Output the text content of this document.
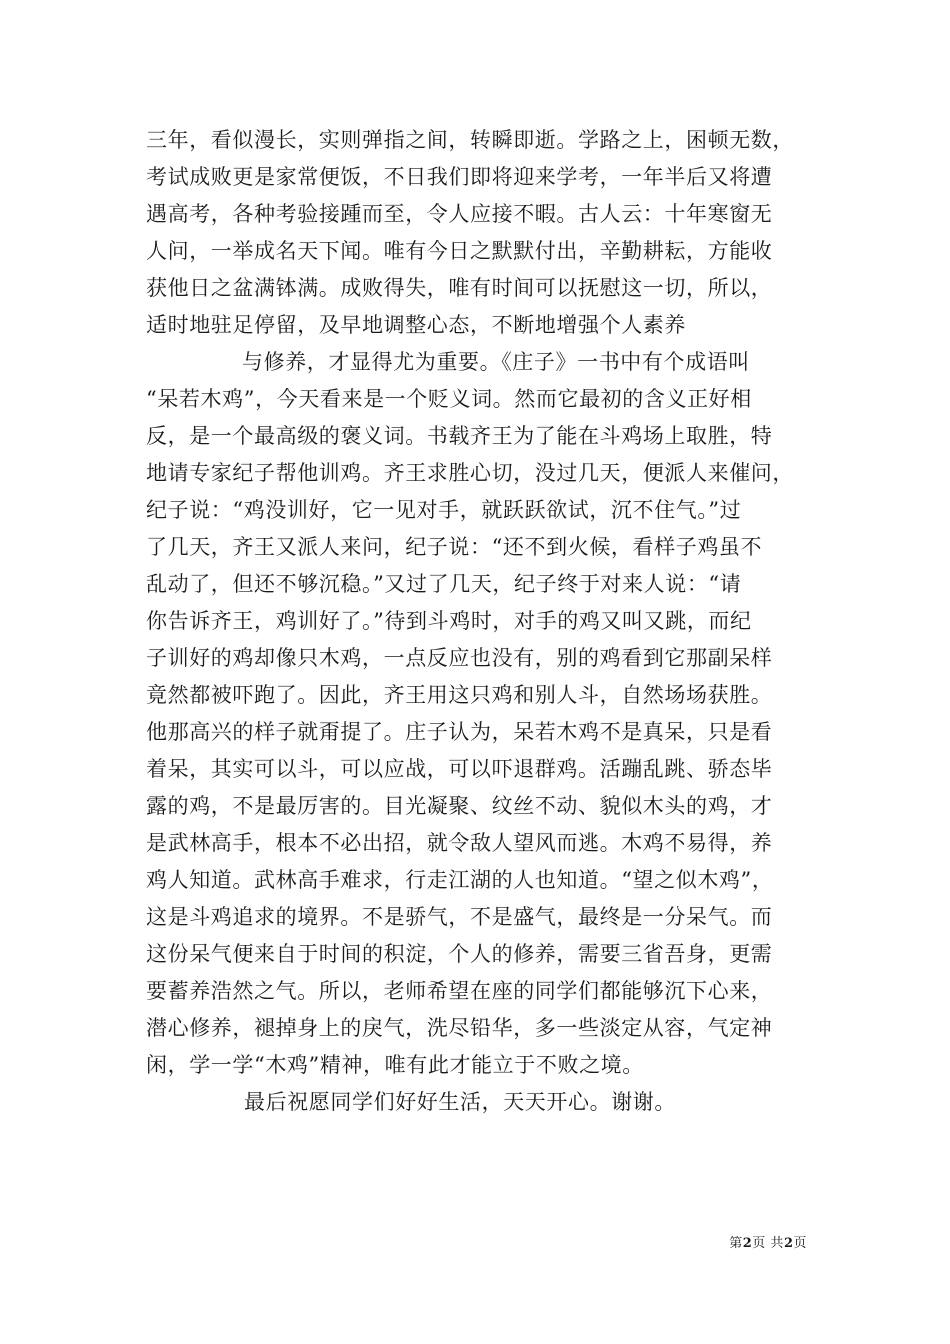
三年，看似漫长，实则弹指之间，转瞬即逝。学路之上，困顿无数，
考试成败更是家常便饭，不日我们即将迎来学考，一年半后又将遭
遇高考，各种考验接踵而至，令人应接不暇。古人云：十年寒窗无
人问，一举成名天下闻。唯有今日之默默付出，辛勤耕耘，方能收
获他日之盆满钵满。成败得失，唯有时间可以抚慰这一切，所以，
适时地驻足停留，及早地调整心态，不断地增强个人素养
与修养，才显得尤为重要。《庄子》一书中有个成语叫
“呆若木鸡”，今天看来是一个贬义词。然而它最初的含义正好相
反，是一个最高级的褒义词。书载齐王为了能在斗鸡场上取胜，特
地请专家纪子帮他训鸡。齐王求胜心切，没过几天，便派人来催问，
纪子说：“鸡没训好，它一见对手，就跃跃欲试，沉不住气。”过
了几天，齐王又派人来问，纪子说：“还不到火候，看样子鸡虽不
乱动了，但还不够沉稳。”又过了几天，纪子终于对来人说：“请
你告诉齐王，鸡训好了。”待到斗鸡时，对手的鸡又叫又跳，而纪
子训好的鸡却像只木鸡，一点反应也没有，别的鸡看到它那副呆样
竟然都被吓跑了。因此，齐王用这只鸡和别人斗，自然场场获胜。
他那高兴的样子就甭提了。庄子认为，呆若木鸡不是真呆，只是看
着呆，其实可以斗，可以应战，可以吓退群鸡。活蹦乱跳、骄态毕
露的鸡，不是最厉害的。目光凝聚、纹丝不动、貌似木头的鸡，才
是武林高手，根本不必出招，就令敌人望风而逃。木鸡不易得，养
鸡人知道。武林高手难求，行走江湖的人也知道。“望之似木鸡”，
这是斗鸡追求的境界。不是骄气，不是盛气，最终是一分呆气。而
这份呆气便来自于时间的积淀，个人的修养，需要三省吾身，更需
要蓄养浩然之气。所以，老师希望在座的同学们都能够沉下心来，
潜心修养，褪掉身上的戾气，洗尽铅华，多一些淡定从容，气定神
闲，学一学“木鸡”精神，唯有此才能立于不败之境。
最后祝愿同学们好好生活，天天开心。谢谢。
第2页 共2页
